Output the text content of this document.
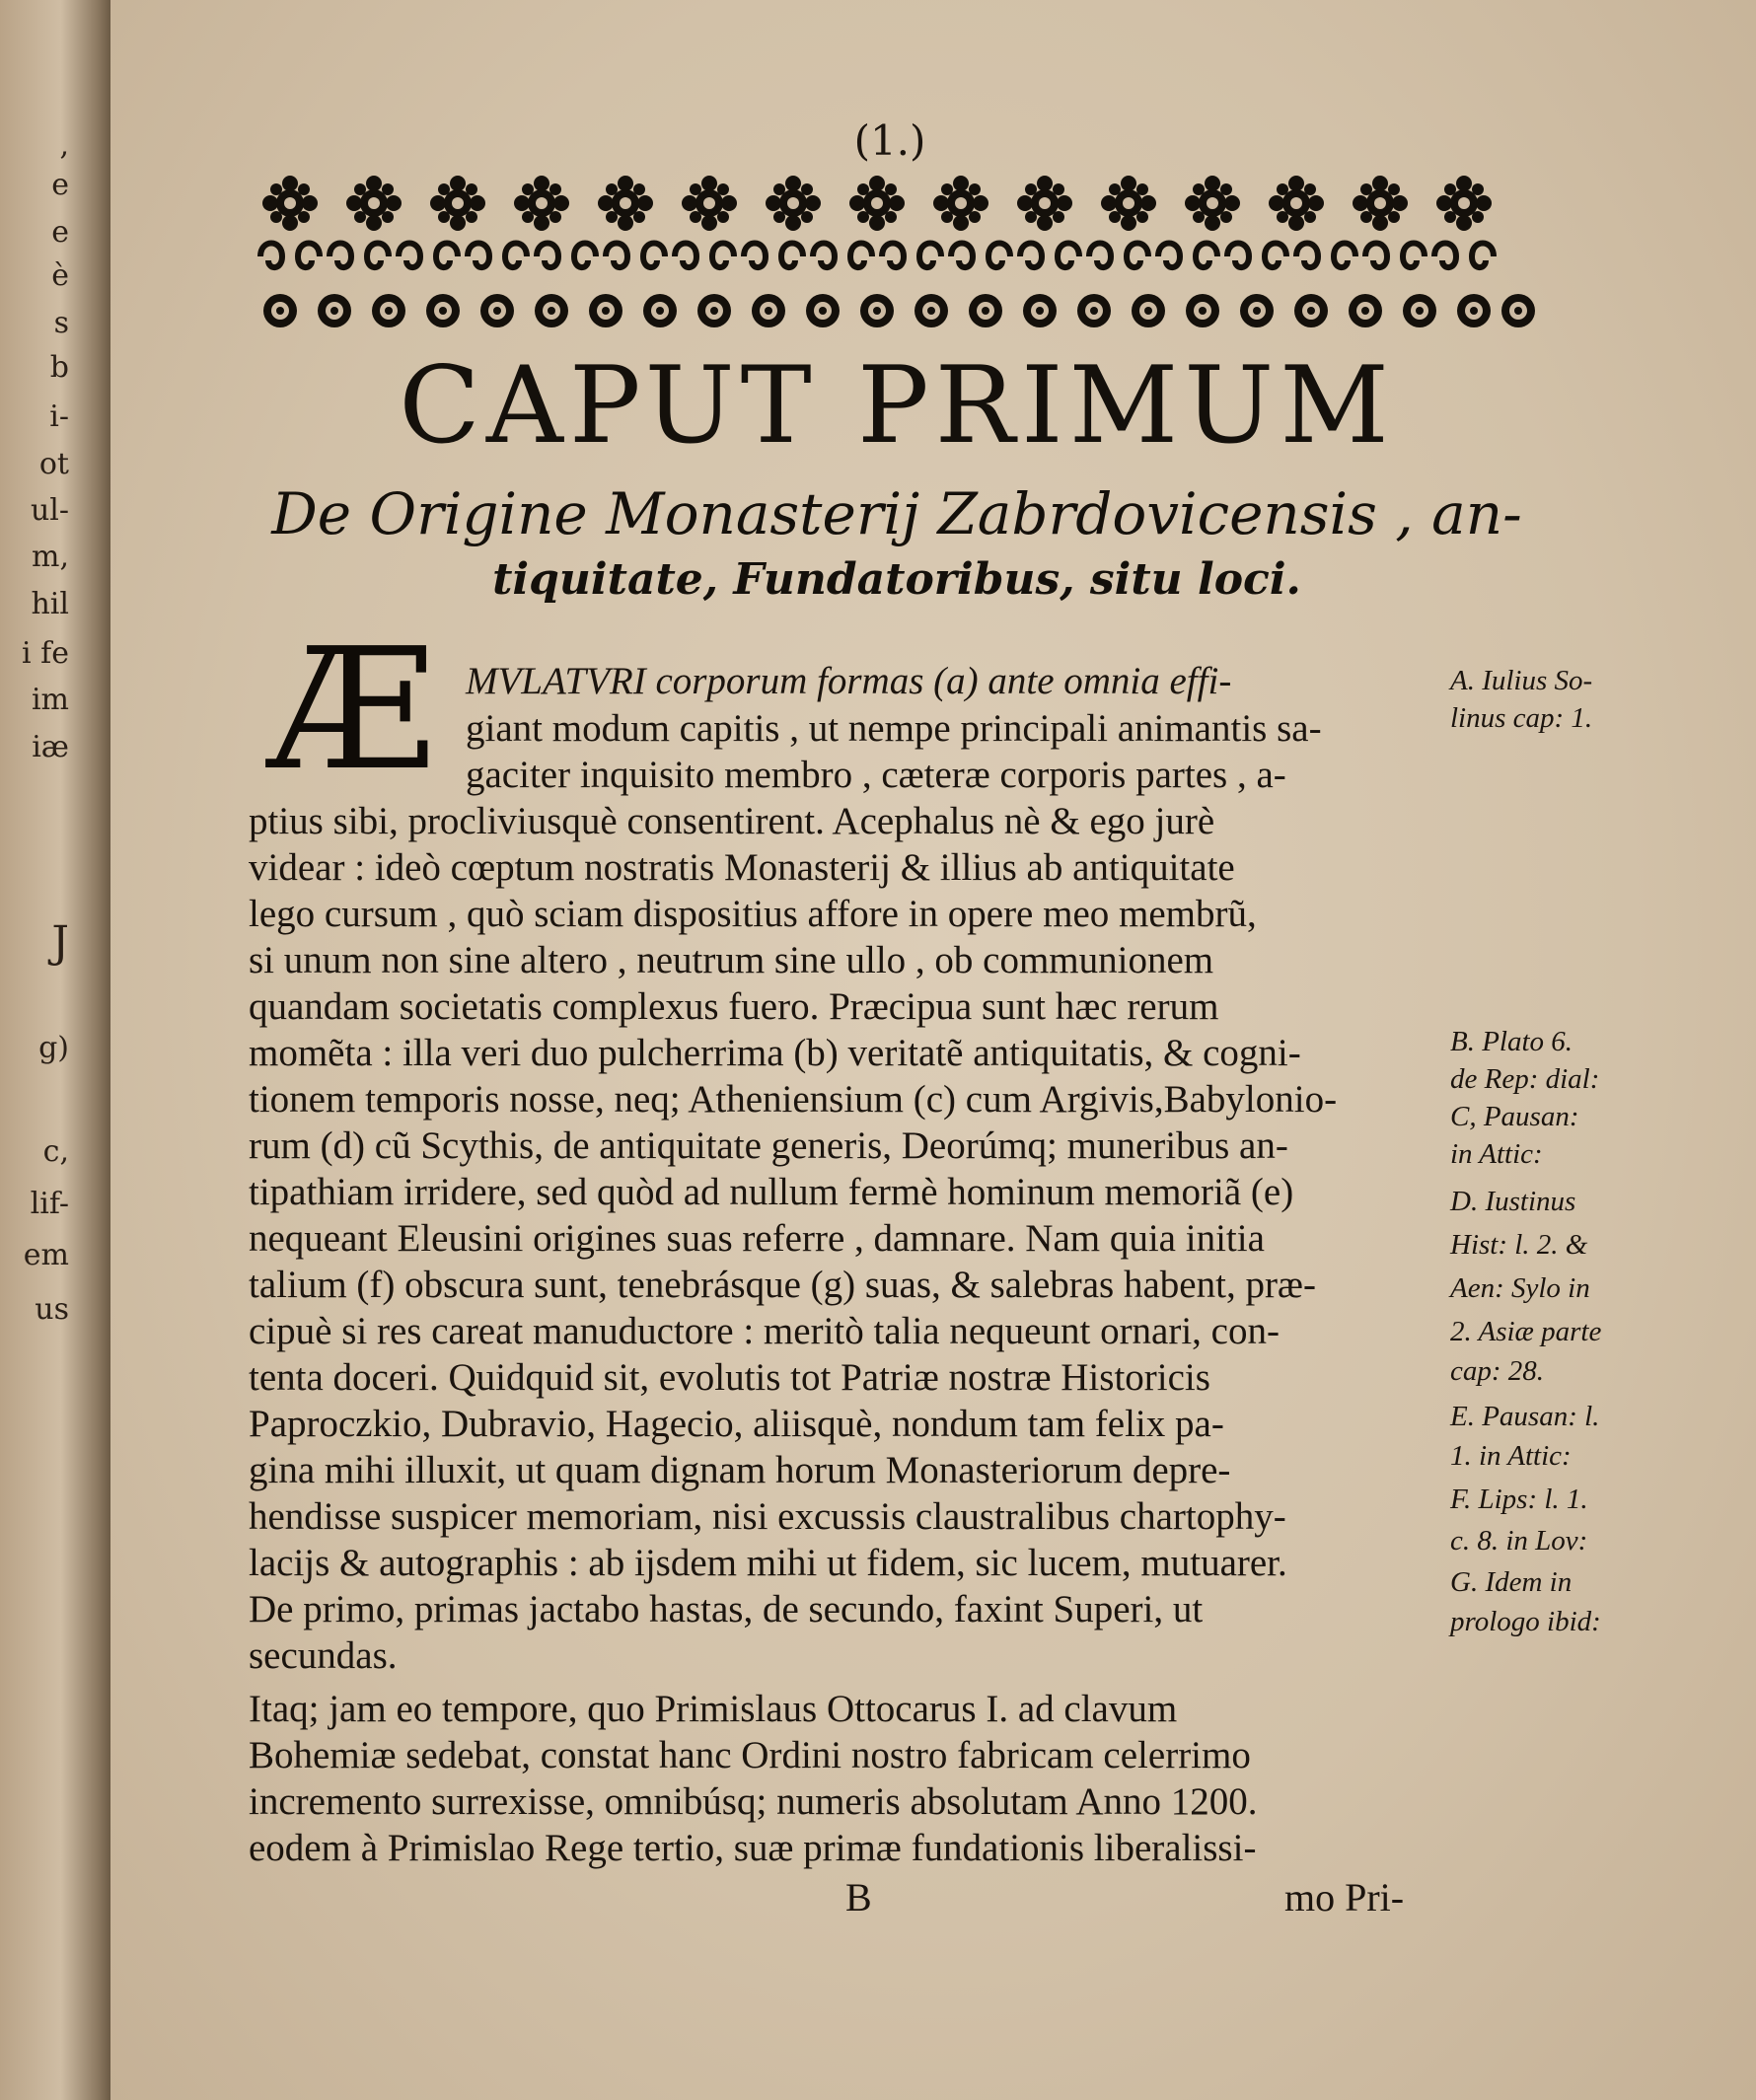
,
e
e
è
s
b
i-
ot
ul-
m,
hil
i fe
im
iæ
J
g)
c,
lif-
em
us
(1.)
CAPUT PRIMUM
De Origine Monasterij Zabrdovicensis , an-
tiquitate, Fundatoribus, situ loci.
Æ MVLATVRI corporum formas (a) ante omnia effi-
giant modum capitis , ut nempe principali animantis sa-
gaciter inquisito membro , cæteræ corporis partes , a-
ptius sibi, procliviusquè consentirent. Acephalus nè & ego jurè
videar : ideò cœptum nostratis Monasterij & illius ab antiquitate
lego cursum , quò sciam dispositius affore in opere meo membrũ,
si unum non sine altero , neutrum sine ullo , ob communionem
quandam societatis complexus fuero. Præcipua sunt hæc rerum
momẽta : illa veri duo pulcherrima (b) veritatẽ antiquitatis, & cogni-
tionem temporis nosse, neq; Atheniensium (c) cum Argivis,Babylonio-
rum (d) cũ Scythis, de antiquitate generis, Deorúmq; muneribus an-
tipathiam irridere, sed quòd ad nullum fermè hominum memoriã (e)
nequeant Eleusini origines suas referre , damnare. Nam quia initia
talium (f) obscura sunt, tenebrásque (g) suas, & salebras habent, præ-
cipuè si res careat manuductore : meritò talia nequeunt ornari, con-
tenta doceri. Quidquid sit, evolutis tot Patriæ nostræ Historicis
Paproczkio, Dubravio, Hagecio, aliisquè, nondum tam felix pa-
gina mihi illuxit, ut quam dignam horum Monasteriorum depre-
hendisse suspicer memoriam, nisi excussis claustralibus chartophy-
lacijs & autographis : ab ijsdem mihi ut fidem, sic lucem, mutuarer.
De primo, primas jactabo hastas, de secundo, faxint Superi, ut
secundas.
Itaq; jam eo tempore, quo Primislaus Ottocarus I. ad clavum
Bohemiæ sedebat, constat hanc Ordini nostro fabricam celerrimo
incremento surrexisse, omnibúsq; numeris absolutam Anno 1200.
eodem à Primislao Rege tertio, suæ primæ fundationis liberalissi-
A. Iulius So-
linus cap: 1.
B. Plato 6.
de Rep: dial:
C, Pausan:
in Attic:
D. Iustinus
Hist: l. 2. &
Aen: Sylo in
2. Asiæ parte
cap: 28.
E. Pausan: l.
1. in Attic:
F. Lips: l. 1.
c. 8. in Lov:
G. Idem in
prologo ibid:
B	mo Pri-
